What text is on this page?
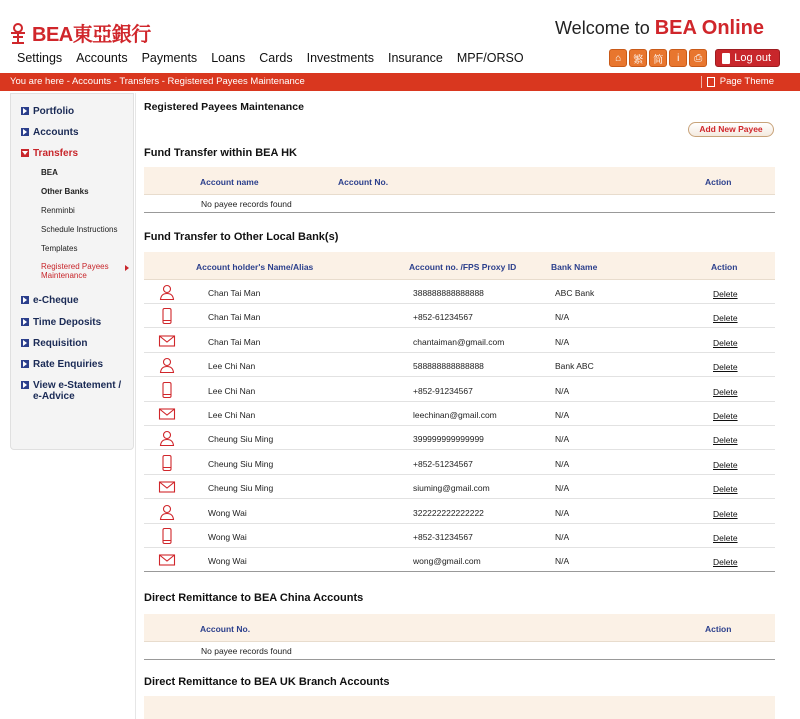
BEA東亞銀行	Welcome to BEA Online
Settings Accounts Payments Loans Cards Investments Insurance MPF/ORSO	⌂	繁	简	i	⎙	Log out
You are here - Accounts - Transfers - Registered Payees Maintenance	Page Theme
Portfolio
Accounts
Transfers
BEA
Other Banks
Renminbi
Schedule Instructions
Templates
Registered Payees Maintenance
e-Cheque
Time Deposits
Requisition
Rate Enquiries
View e-Statement / e-Advice
Registered Payees Maintenance
Add New Payee
Fund Transfer within BEA HK
Account name	Account No.	Action
No payee records found
Fund Transfer to Other Local Bank(s)
Account holder's Name/Alias	Account no. /FPS Proxy ID	Bank Name	Action
Chan Tai Man	388888888888888	ABC Bank	Delete
Chan Tai Man	+852-61234567	N/A	Delete
Chan Tai Man	chantaiman@gmail.com	N/A	Delete
Lee Chi Nan	588888888888888	Bank ABC	Delete
Lee Chi Nan	+852-91234567	N/A	Delete
Lee Chi Nan	leechinan@gmail.com	N/A	Delete
Cheung Siu Ming	399999999999999	N/A	Delete
Cheung Siu Ming	+852-51234567	N/A	Delete
Cheung Siu Ming	siuming@gmail.com	N/A	Delete
Wong Wai	322222222222222	N/A	Delete
Wong Wai	+852-31234567	N/A	Delete
Wong Wai	wong@gmail.com	N/A	Delete
Direct Remittance to BEA China Accounts
Account No.	Action
No payee records found
Direct Remittance to BEA UK Branch Accounts
